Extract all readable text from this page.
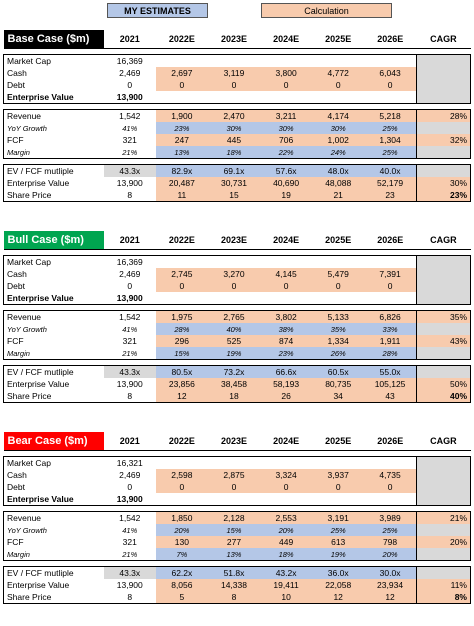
MY ESTIMATES	Calculation
Base Case ($m)	2021	2022E	2023E	2024E	2025E	2026E	CAGR

Market Cap	16,369						
Cash	2,469	2,697	3,119	3,800	4,772	6,043	
Debt	0	0	0	0	0	0	
Enterprise Value	13,900						

Revenue	1,542	1,900	2,470	3,211	4,174	5,218	28%
YoY Growth	41%	23%	30%	30%	30%	25%	
FCF	321	247	445	706	1,002	1,304	32%
Margin	21%	13%	18%	22%	24%	25%	

EV / FCF mutliple	43.3x	82.9x	69.1x	57.6x	48.0x	40.0x	
Enterprise Value	13,900	20,487	30,731	40,690	48,088	52,179	30%
Share Price	8	11	15	19	21	23	23%
Bull Case ($m)	2021	2022E	2023E	2024E	2025E	2026E	CAGR

Market Cap	16,369						
Cash	2,469	2,745	3,270	4,145	5,479	7,391	
Debt	0	0	0	0	0	0	
Enterprise Value	13,900						

Revenue	1,542	1,975	2,765	3,802	5,133	6,826	35%
YoY Growth	41%	28%	40%	38%	35%	33%	
FCF	321	296	525	874	1,334	1,911	43%
Margin	21%	15%	19%	23%	26%	28%	

EV / FCF mutliple	43.3x	80.5x	73.2x	66.6x	60.5x	55.0x	
Enterprise Value	13,900	23,856	38,458	58,193	80,735	105,125	50%
Share Price	8	12	18	26	34	43	40%
Bear Case ($m)	2021	2022E	2023E	2024E	2025E	2026E	CAGR

Market Cap	16,321						
Cash	2,469	2,598	2,875	3,324	3,937	4,735	
Debt	0	0	0	0	0	0	
Enterprise Value	13,900						

Revenue	1,542	1,850	2,128	2,553	3,191	3,989	21%
YoY Growth	41%	20%	15%	20%	25%	25%	
FCF	321	130	277	449	613	798	20%
Margin	21%	7%	13%	18%	19%	20%	

EV / FCF mutliple	43.3x	62.2x	51.8x	43.2x	36.0x	30.0x	
Enterprise Value	13,900	8,056	14,338	19,411	22,058	23,934	11%
Share Price	8	5	8	10	12	12	8%
